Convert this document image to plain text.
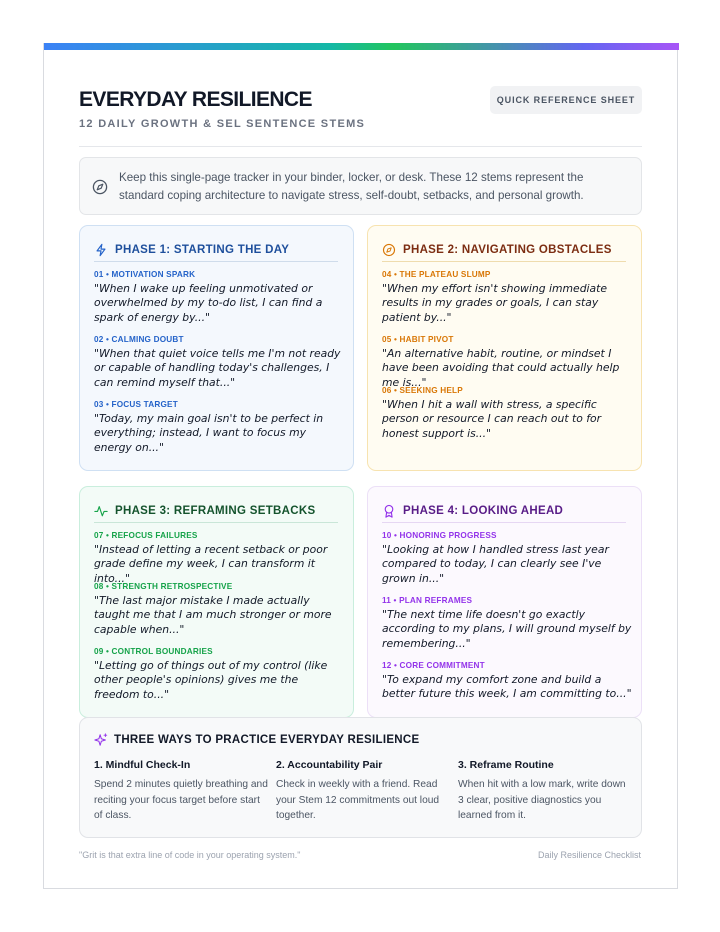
EVERYDAY RESILIENCE
12 DAILY GROWTH & SEL SENTENCE STEMS
QUICK REFERENCE SHEET
Keep this single-page tracker in your binder, locker, or desk. These 12 stems represent the standard coping architecture to navigate stress, self-doubt, setbacks, and personal growth.
PHASE 1: STARTING THE DAY
01 • MOTIVATION SPARK
"When I wake up feeling unmotivated or overwhelmed by my to-do list, I can find a spark of energy by..."
02 • CALMING DOUBT
"When that quiet voice tells me I'm not ready or capable of handling today's challenges, I can remind myself that..."
03 • FOCUS TARGET
"Today, my main goal isn't to be perfect in everything; instead, I want to focus my energy on..."
PHASE 2: NAVIGATING OBSTACLES
04 • THE PLATEAU SLUMP
"When my effort isn't showing immediate results in my grades or goals, I can stay patient by..."
05 • HABIT PIVOT
"An alternative habit, routine, or mindset I have been avoiding that could actually help me is..."
06 • SEEKING HELP
"When I hit a wall with stress, a specific person or resource I can reach out to for honest support is..."
PHASE 3: REFRAMING SETBACKS
07 • REFOCUS FAILURES
"Instead of letting a recent setback or poor grade define my week, I can transform it into..."
08 • STRENGTH RETROSPECTIVE
"The last major mistake I made actually taught me that I am much stronger or more capable when..."
09 • CONTROL BOUNDARIES
"Letting go of things out of my control (like other people's opinions) gives me the freedom to..."
PHASE 4: LOOKING AHEAD
10 • HONORING PROGRESS
"Looking at how I handled stress last year compared to today, I can clearly see I've grown in..."
11 • PLAN REFRAMES
"The next time life doesn't go exactly according to my plans, I will ground myself by remembering..."
12 • CORE COMMITMENT
"To expand my comfort zone and build a better future this week, I am committing to..."
THREE WAYS TO PRACTICE EVERYDAY RESILIENCE
1. Mindful Check-In
Spend 2 minutes quietly breathing and reciting your focus target before start of class.
2. Accountability Pair
Check in weekly with a friend. Read your Stem 12 commitments out loud together.
3. Reframe Routine
When hit with a low mark, write down 3 clear, positive diagnostics you learned from it.
"Grit is that extra line of code in your operating system."	Daily Resilience Checklist
